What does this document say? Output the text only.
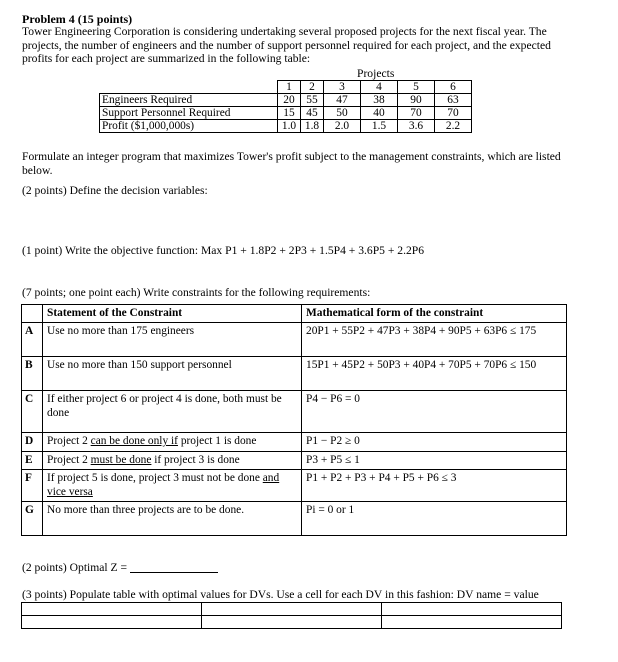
Problem 4 (15 points)
Tower Engineering Corporation is considering undertaking several proposed projects for the next fiscal year. The projects, the number of engineers and the number of support personnel required for each project, and the expected profits for each project are summarized in the following table:
Projects
	1	2	3	4	5	6
Engineers Required	20	55	47	38	90	63
Support Personnel Required	15	45	50	40	70	70
Profit ($1,000,000s)	1.0	1.8	2.0	1.5	3.6	2.2
Formulate an integer program that maximizes Tower's profit subject to the management constraints, which are listed below.
(2 points) Define the decision variables:
(1 point) Write the objective function: Max P1 + 1.8P2 + 2P3 + 1.5P4 + 3.6P5 + 2.2P6
(7 points; one point each) Write constraints for the following requirements:
	Statement of the Constraint	Mathematical form of the constraint
A	Use no more than 175 engineers	20P1 + 55P2 + 47P3 + 38P4 + 90P5 + 63P6 ≤ 175
B	Use no more than 150 support personnel	15P1 + 45P2 + 50P3 + 40P4 + 70P5 + 70P6 ≤ 150
C	If either project 6 or project 4 is done, both must be done	P4 − P6 = 0
D	Project 2 can be done only if project 1 is done	P1 − P2 ≥ 0
E	Project 2 must be done if project 3 is done	P3 + P5 ≤ 1
F	If project 5 is done, project 3 must not be done and vice versa	P1 + P2 + P3 + P4 + P5 + P6 ≤ 3
G	No more than three projects are to be done.	Pi = 0 or 1
(2 points) Optimal Z =
(3 points) Populate table with optimal values for DVs. Use a cell for each DV in this fashion: DV name = value
